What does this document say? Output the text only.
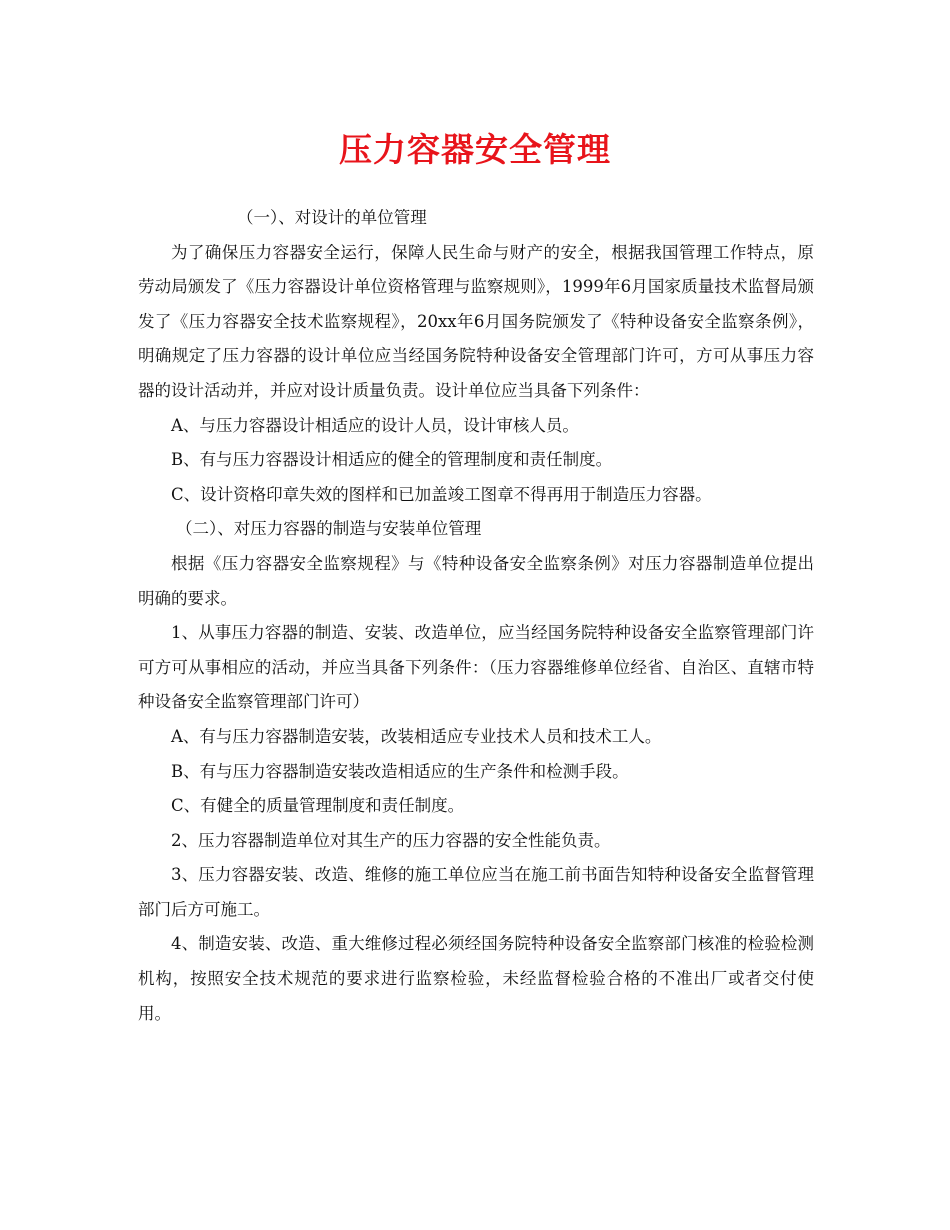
压力容器安全管理

（一）、对设计的单位管理

为了确保压力容器安全运行，保障人民生命与财产的安全，根据我国管理工作特点，原劳动局颁发了《压力容器设计单位资格管理与监察规则》，1999年6月国家质量技术监督局颁发了《压力容器安全技术监察规程》，20xx年6月国务院颁发了《特种设备安全监察条例》，明确规定了压力容器的设计单位应当经国务院特种设备安全管理部门许可，方可从事压力容器的设计活动并，并应对设计质量负责。设计单位应当具备下列条件：

A、与压力容器设计相适应的设计人员，设计审核人员。

B、有与压力容器设计相适应的健全的管理制度和责任制度。

C、设计资格印章失效的图样和已加盖竣工图章不得再用于制造压力容器。

（二）、对压力容器的制造与安装单位管理

根据《压力容器安全监察规程》与《特种设备安全监察条例》对压力容器制造单位提出明确的要求。

1、从事压力容器的制造、安装、改造单位，应当经国务院特种设备安全监察管理部门许可方可从事相应的活动，并应当具备下列条件：（压力容器维修单位经省、自治区、直辖市特种设备安全监察管理部门许可）

A、有与压力容器制造安装，改装相适应专业技术人员和技术工人。

B、有与压力容器制造安装改造相适应的生产条件和检测手段。

C、有健全的质量管理制度和责任制度。

2、压力容器制造单位对其生产的压力容器的安全性能负责。

3、压力容器安装、改造、维修的施工单位应当在施工前书面告知特种设备安全监督管理部门后方可施工。

4、制造安装、改造、重大维修过程必须经国务院特种设备安全监察部门核准的检验检测机构，按照安全技术规范的要求进行监察检验，未经监督检验合格的不准出厂或者交付使用。
